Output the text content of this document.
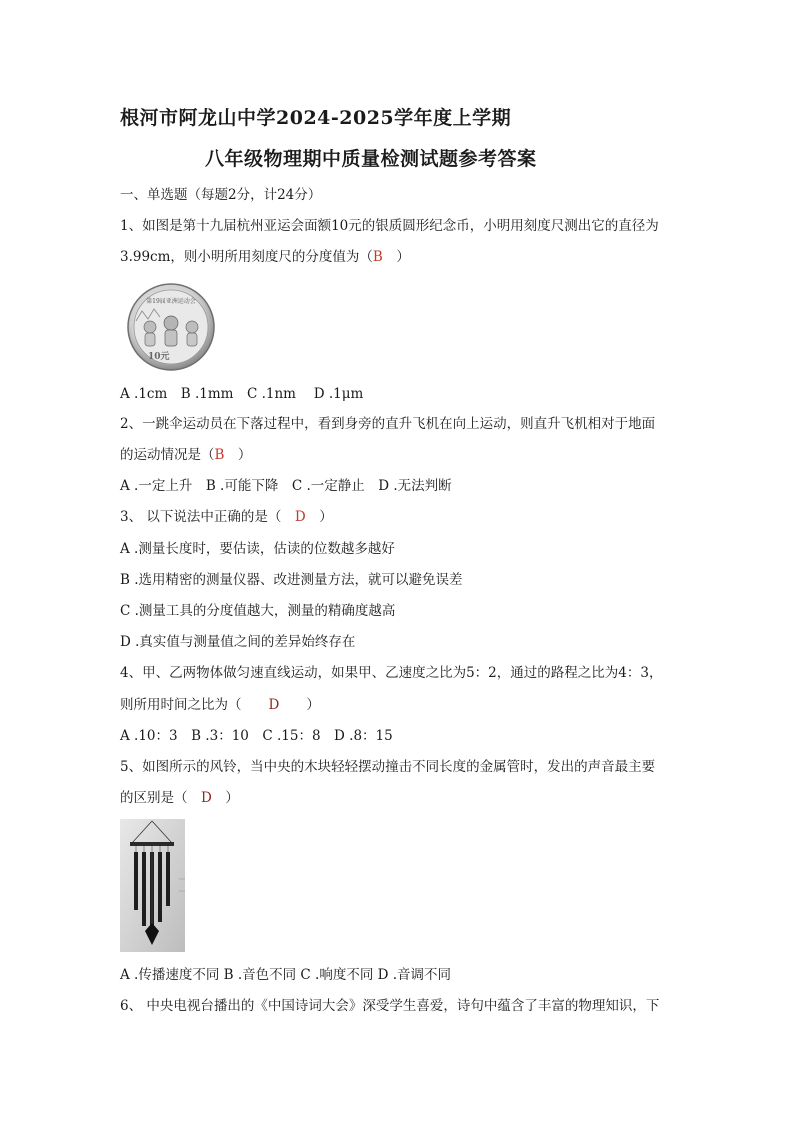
根河市阿龙山中学2024-2025学年度上学期
八年级物理期中质量检测试题参考答案
一、单选题（每题2分，计24分）
1、如图是第十九届杭州亚运会面额10元的银质圆形纪念币，小明用刻度尺测出它的直径为
3.99cm，则小明所用刻度尺的分度值为（B　）
第19届亚洲运动会
10元
A .1cm　B .1mm　C .1nm　 D .1μm
2、一跳伞运动员在下落过程中，看到身旁的直升飞机在向上运动，则直升飞机相对于地面
的运动情况是（B　）
A .一定上升　B .可能下降　C .一定静止　D .无法判断
3、 以下说法中正确的是（　D　）
A .测量长度时，要估读，估读的位数越多越好
B .选用精密的测量仪器、改进测量方法，就可以避免误差
C .测量工具的分度值越大，测量的精确度越高
D .真实值与测量值之间的差异始终存在
4、甲、乙两物体做匀速直线运动，如果甲、乙速度之比为5：2，通过的路程之比为4：3，
则所用时间之比为（　　D　　）
A .10：3　B .3：10　C .15：8　D .8：15
5、如图所示的风铃，当中央的木块轻轻摆动撞击不同长度的金属管时，发出的声音最主要
的区别是（　D　）
A .传播速度不同 B .音色不同 C .响度不同 D .音调不同
6、 中央电视台播出的《中国诗词大会》深受学生喜爱，诗句中蕴含了丰富的物理知识，下
